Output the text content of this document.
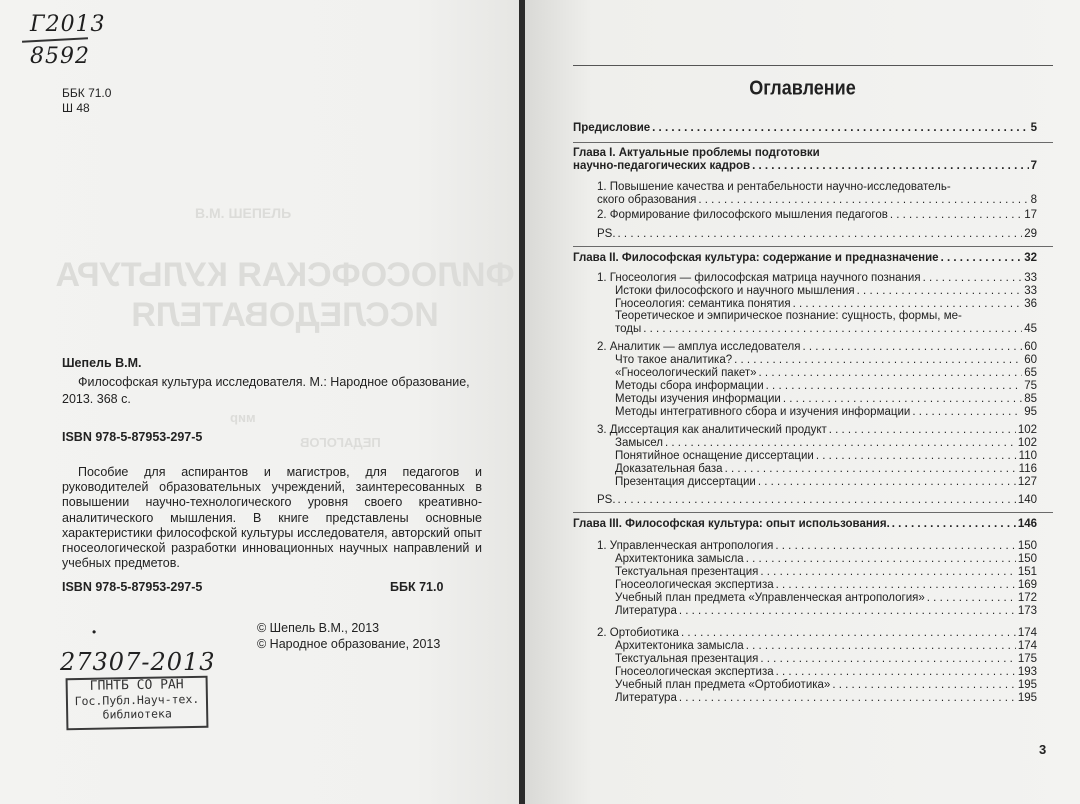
Г2013
8592
ББК 71.0
Ш 48
В.М. ШЕПЕЛЬ
ФИЛОСОФСКАЯ КУЛЬТУРА ИССЛЕДОВАТЕЛЯ
мир
ПЕДАГОГОВ
Шепель В.М.
Философская культура исследователя. М.: Народное образование, 2013. 368 с.
ISBN 978-5-87953-297-5
Пособие для аспирантов и магистров, для педагогов и руководителей образовательных учреждений, заинтересованных в повышении научно-технологического уровня своего креативно-аналитического мышления. В книге представлены основные характеристики философской культуры исследователя, авторский опыт гносеологической разработки инновационных научных направлений и учебных предметов.
ISBN 978-5-87953-297-5	ББК 71.0
•	© Шепель В.М., 2013
© Народное образование, 2013
27307-2013
ГПНТБ СО РАН
Гос.Публ.Науч-тех.
библиотека
Оглавление
Предисловие . . .	5
Глава I. Актуальные проблемы подготовки
научно-педагогических кадров . . .	7
1. Повышение качества и рентабельности научно-исследователь-
ского образования . . .	8
2. Формирование философского мышления педагогов . . .	17
PS. . . .	29
Глава II. Философская культура: содержание и предназначение . . .	32
1. Гносеология — философская матрица научного познания . . .	33
Истоки философского и научного мышления . . .	33
Гносеология: семантика понятия . . .	36
Теоретическое и эмпирическое познание: сущность, формы, ме-
тоды . . .	45
2. Аналитик — амплуа исследователя . . .	60
Что такое аналитика? . . .	60
«Гносеологический пакет» . . .	65
Методы сбора информации . . .	75
Методы изучения информации . . .	85
Методы интегративного сбора и изучения информации . . .	95
3. Диссертация как аналитический продукт . . .	102
Замысел . . .	102
Понятийное оснащение диссертации . . .	110
Доказательная база . . .	116
Презентация диссертации . . .	127
PS. . . .	140
Глава III. Философская культура: опыт использования. . . .	146
1. Управленческая антропология . . .	150
Архитектоника замысла . . .	150
Текстуальная презентация . . .	151
Гносеологическая экспертиза . . .	169
Учебный план предмета «Управленческая антропология» . . .	172
Литература . . .	173
2. Ортобиотика . . .	174
Архитектоника замысла . . .	174
Текстуальная презентация . . .	175
Гносеологическая экспертиза . . .	193
Учебный план предмета «Ортобиотика» . . .	195
Литература . . .	195
3
